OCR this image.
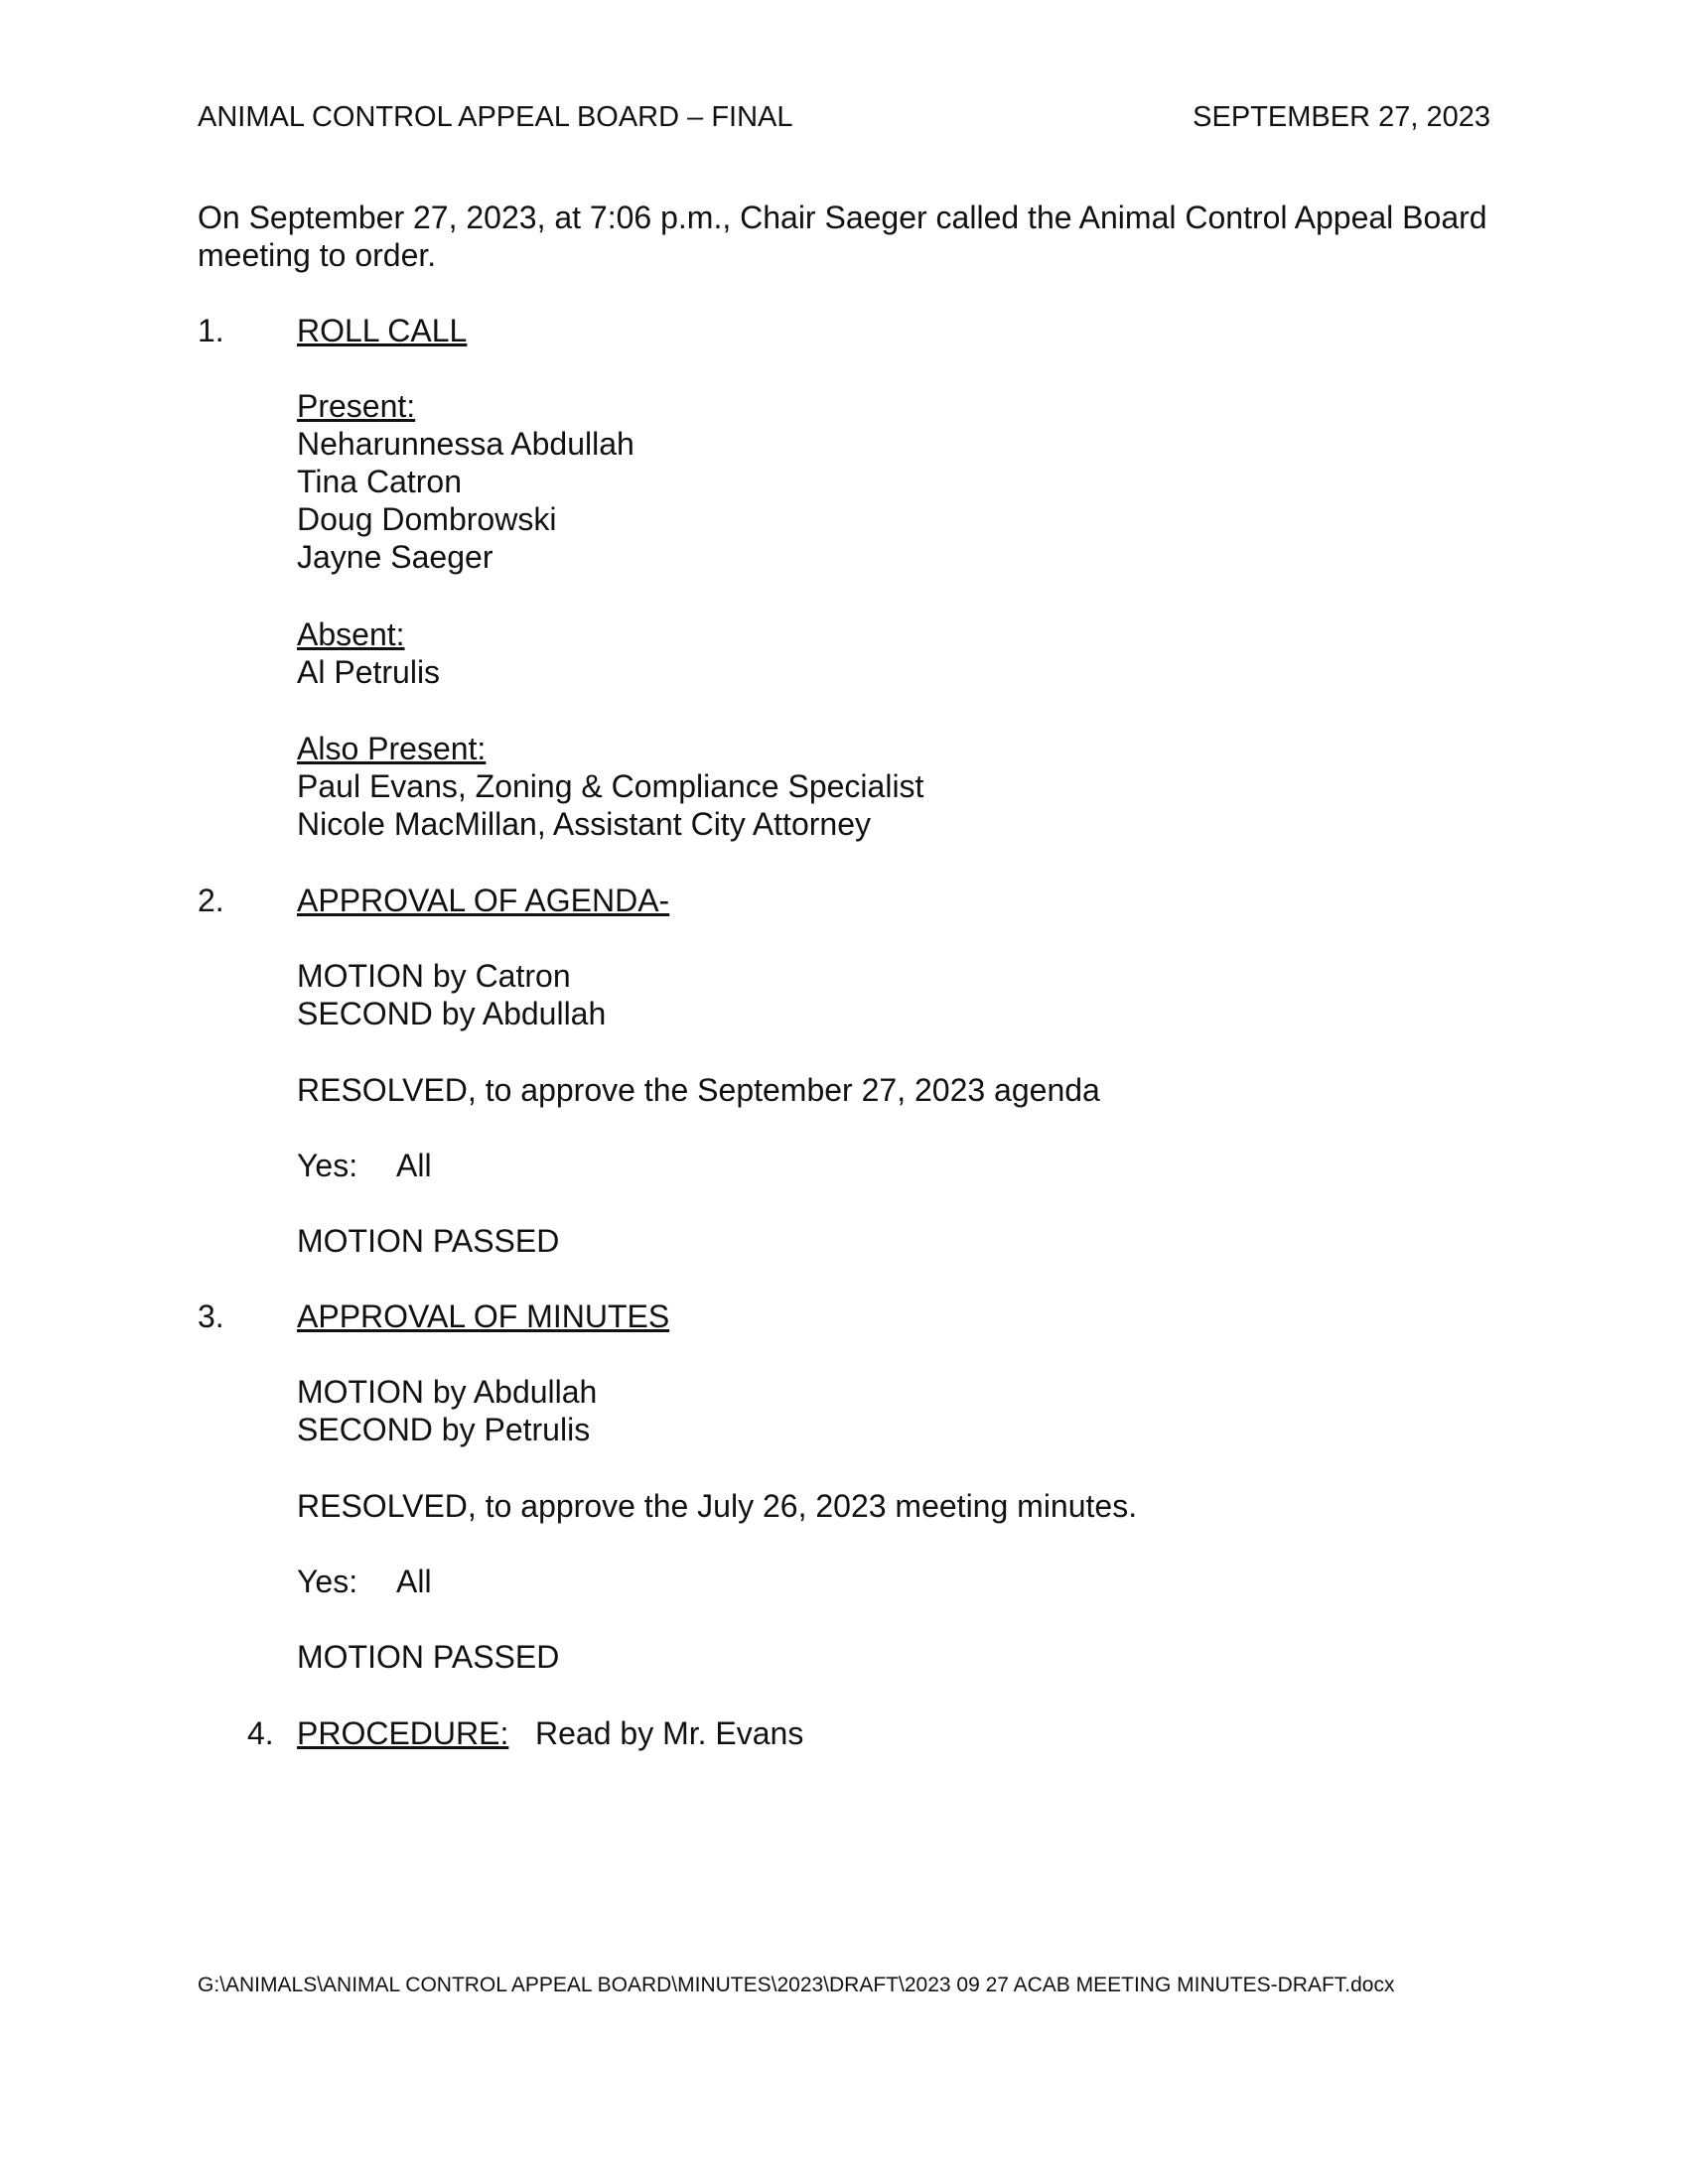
ANIMAL CONTROL APPEAL BOARD – FINAL	SEPTEMBER 27, 2023
On September 27, 2023, at 7:06 p.m., Chair Saeger called the Animal Control Appeal Board
meeting to order.
1. ROLL CALL
Present:
Neharunnessa Abdullah
Tina Catron
Doug Dombrowski
Jayne Saeger
Absent:
Al Petrulis
Also Present:
Paul Evans, Zoning & Compliance Specialist
Nicole MacMillan, Assistant City Attorney
2. APPROVAL OF AGENDA-
MOTION by Catron
SECOND by Abdullah
RESOLVED, to approve the September 27, 2023 agenda
Yes: All
MOTION PASSED
3. APPROVAL OF MINUTES
MOTION by Abdullah
SECOND by Petrulis
RESOLVED, to approve the July 26, 2023 meeting minutes.
Yes: All
MOTION PASSED
4. PROCEDURE: Read by Mr. Evans
G:\ANIMALS\ANIMAL CONTROL APPEAL BOARD\MINUTES\2023\DRAFT\2023 09 27 ACAB MEETING MINUTES-DRAFT.docx
